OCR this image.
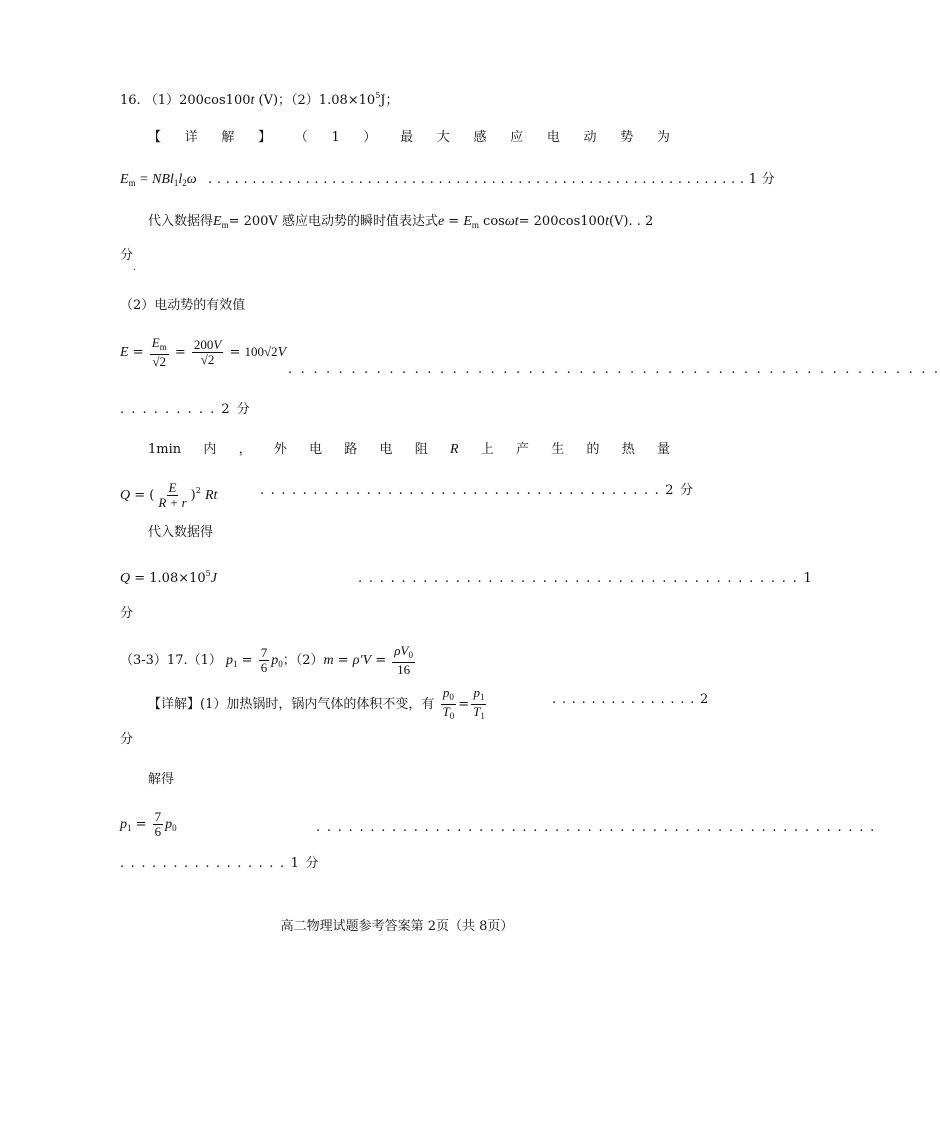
16. （1）200cos100t (V)；$(2)1.08\times 10^5J$；
【 详 解 】 （ 1 ） 最 大 感 应 电 动 势 为
$E_m = NBl_1l_2\omega$ . . . . . . . . . . . . . . . . . . . . . . . . . . . . . . . . . . . . . . . . . . . . . . . . . . . . . . . . . . . . . 1 分
代入数据得$E_m= 200V$ 感应电动势的瞬时值表达式$e = E_m$ cosωt= 200cos100t(V). . 2
分
.
（2）电动势的有效值
$E = \frac{E_m}{√2} = \frac{200V}{√2} = 100√2V$
. . . . . . . . . . . . . . . . . . . . . . . . . . . . . . . . . . . . . . . . . . . . . . . . . . . .
. . . . . . . . . 2 分
1min 内 ， 外 电 路 电 阻 R 上 产 生 的 热 量
Q = ( $\frac{E}{R + r} )^2$ Rt	. . . . . . . . . . . . . . . . . . . . . . . . . . . . . . . . . . . . . . 2 分
代入数据得
$Q = 1.08\times 10^5J$	. . . . . . . . . . . . . . . . . . . . . . . . . . . . . . . . . . . . . . . . . 1
分
（3-3）17.（1） $p_1 = \frac{7}{6} p_0$；$(2)m = \rho'V = \frac{\rho V_0}{16}$
【详解】(1）加热锅时，锅内气体的体积不变，有 $\frac{p_0}{T_0} = \frac{p_1}{T_1}$	. . . . . . . . . . . . . . . 2
分
解得
$p_1 = \frac{7}{6} p_0$	. . . . . . . . . . . . . . . . . . . . . . . . . . . . . . . . . . . . . . . . . . . . . . . . . . . .
. . . . . . . . . . . . . . . . 1 分
高二物理试题参考答案第 2页（共 8页）
